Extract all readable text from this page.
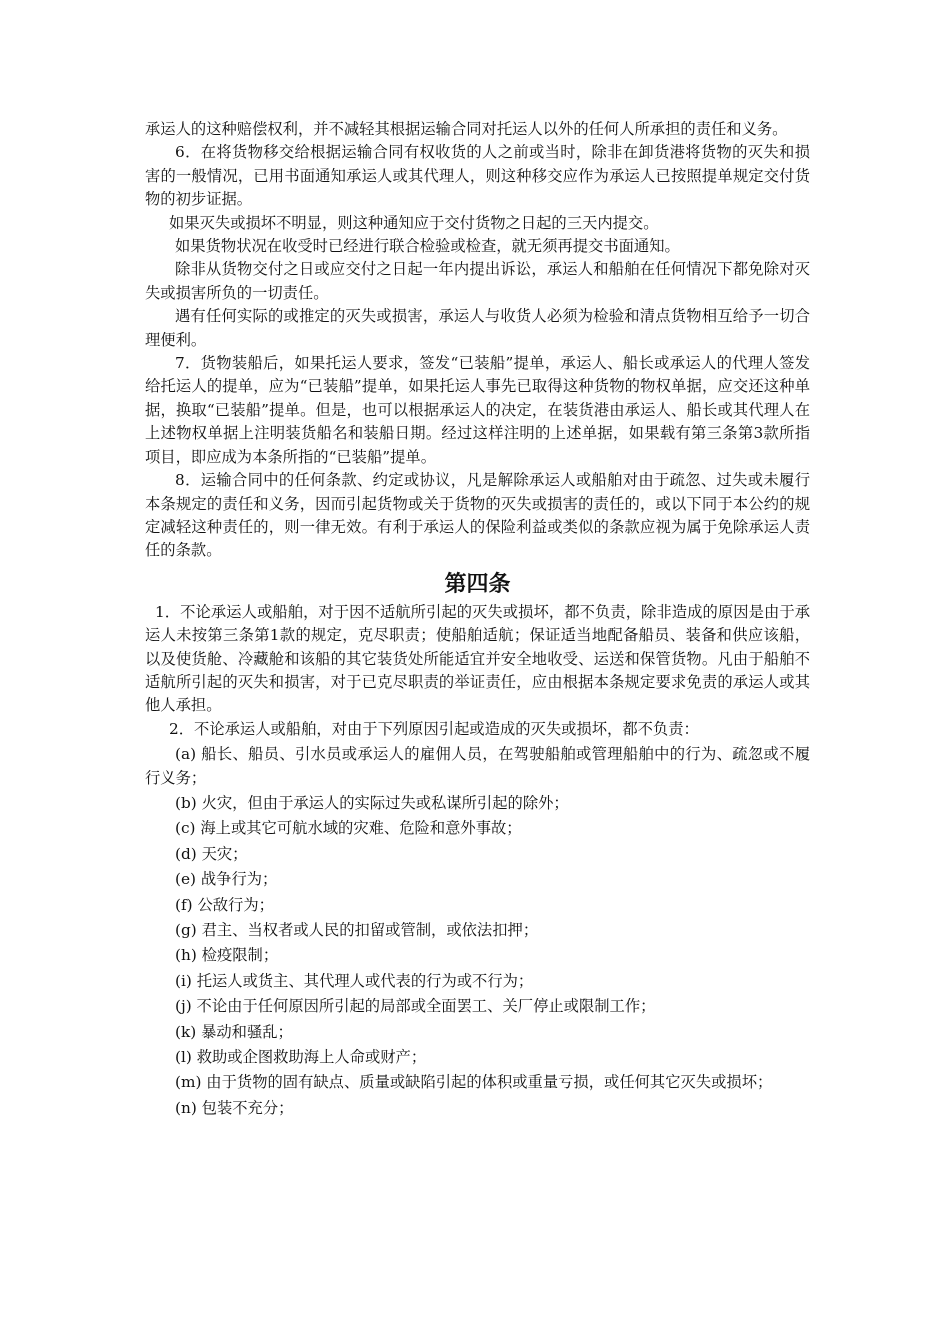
承运人的这种赔偿权利，并不减轻其根据运输合同对托运人以外的任何人所承担的责任和义务。

6．在将货物移交给根据运输合同有权收货的人之前或当时，除非在卸货港将货物的灭失和损害的一般情况，已用书面通知承运人或其代理人，则这种移交应作为承运人已按照提单规定交付货物的初步证据。

如果灭失或损坏不明显，则这种通知应于交付货物之日起的三天内提交。

如果货物状况在收受时已经进行联合检验或检查，就无须再提交书面通知。

除非从货物交付之日或应交付之日起一年内提出诉讼，承运人和船舶在任何情况下都免除对灭失或损害所负的一切责任。

遇有任何实际的或推定的灭失或损害，承运人与收货人必须为检验和清点货物相互给予一切合理便利。

7．货物装船后，如果托运人要求，签发“已装船”提单，承运人、船长或承运人的代理人签发给托运人的提单，应为“已装船”提单，如果托运人事先已取得这种货物的物权单据，应交还这种单据，换取“已装船”提单。但是，也可以根据承运人的决定，在装货港由承运人、船长或其代理人在上述物权单据上注明装货船名和装船日期。经过这样注明的上述单据，如果载有第三条第3款所指项目，即应成为本条所指的“已装船”提单。

8．运输合同中的任何条款、约定或协议，凡是解除承运人或船舶对由于疏忽、过失或未履行本条规定的责任和义务，因而引起货物或关于货物的灭失或损害的责任的，或以下同于本公约的规定减轻这种责任的，则一律无效。有利于承运人的保险利益或类似的条款应视为属于免除承运人责任的条款。

第四条

1．不论承运人或船舶，对于因不适航所引起的灭失或损坏，都不负责，除非造成的原因是由于承运人未按第三条第1款的规定，克尽职责；使船舶适航；保证适当地配备船员、装备和供应该船，以及使货舱、冷藏舱和该船的其它装货处所能适宜并安全地收受、运送和保管货物。凡由于船舶不适航所引起的灭失和损害，对于已克尽职责的举证责任，应由根据本条规定要求免责的承运人或其他人承担。

2．不论承运人或船舶，对由于下列原因引起或造成的灭失或损坏，都不负责：

(a) 船长、船员、引水员或承运人的雇佣人员，在驾驶船舶或管理船舶中的行为、疏忽或不履行义务；

(b) 火灾，但由于承运人的实际过失或私谋所引起的除外；

(c) 海上或其它可航水域的灾难、危险和意外事故；

(d) 天灾；

(e) 战争行为；

(f) 公敌行为；

(g) 君主、当权者或人民的扣留或管制，或依法扣押；

(h) 检疫限制；

(i) 托运人或货主、其代理人或代表的行为或不行为；

(j) 不论由于任何原因所引起的局部或全面罢工、关厂停止或限制工作；

(k) 暴动和骚乱；

(l) 救助或企图救助海上人命或财产；

(m) 由于货物的固有缺点、质量或缺陷引起的体积或重量亏损，或任何其它灭失或损坏；

(n) 包装不充分；
